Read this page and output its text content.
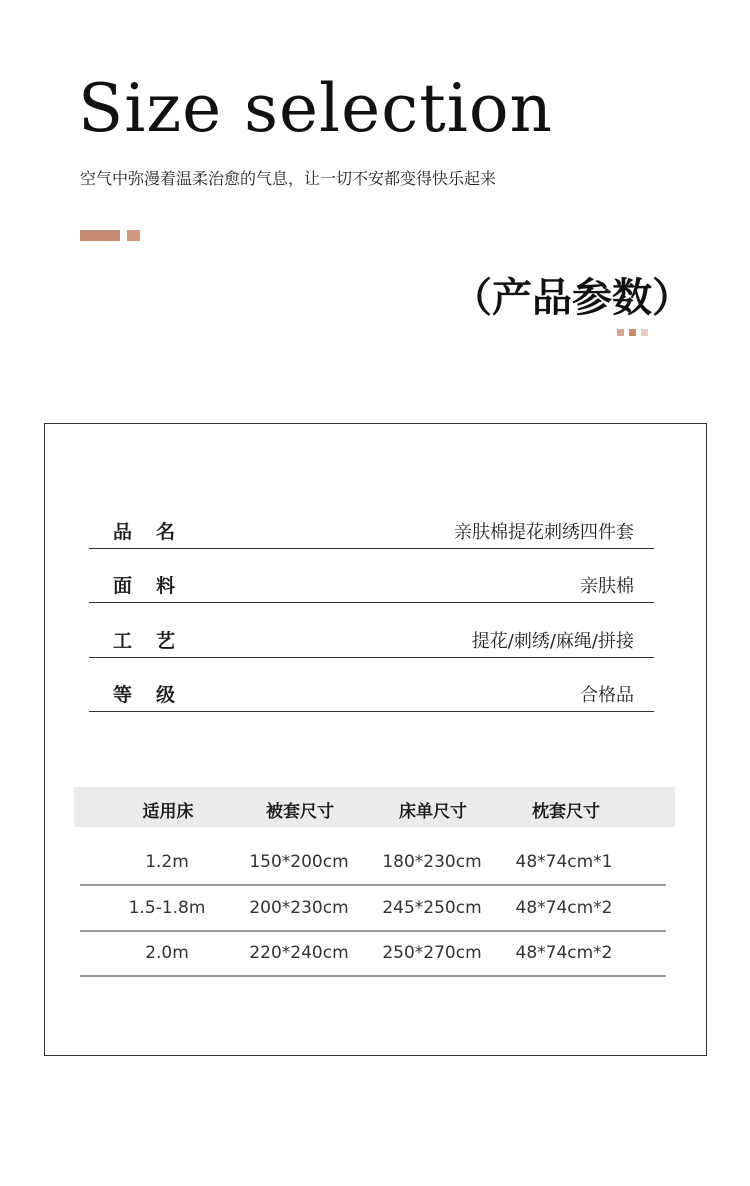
Size selection
空气中弥漫着温柔治愈的气息，让一切不安都变得快乐起来
（产品参数）
品名	亲肤棉提花刺绣四件套
面料	亲肤棉
工艺	提花/刺绣/麻绳/拼接
等级	合格品
适用床	被套尺寸	床单尺寸	枕套尺寸
1.2m	150*200cm 180*230cm 48*74cm*1
1.5-1.8m	200*230cm 245*250cm 48*74cm*2
2.0m	220*240cm 250*270cm 48*74cm*2
